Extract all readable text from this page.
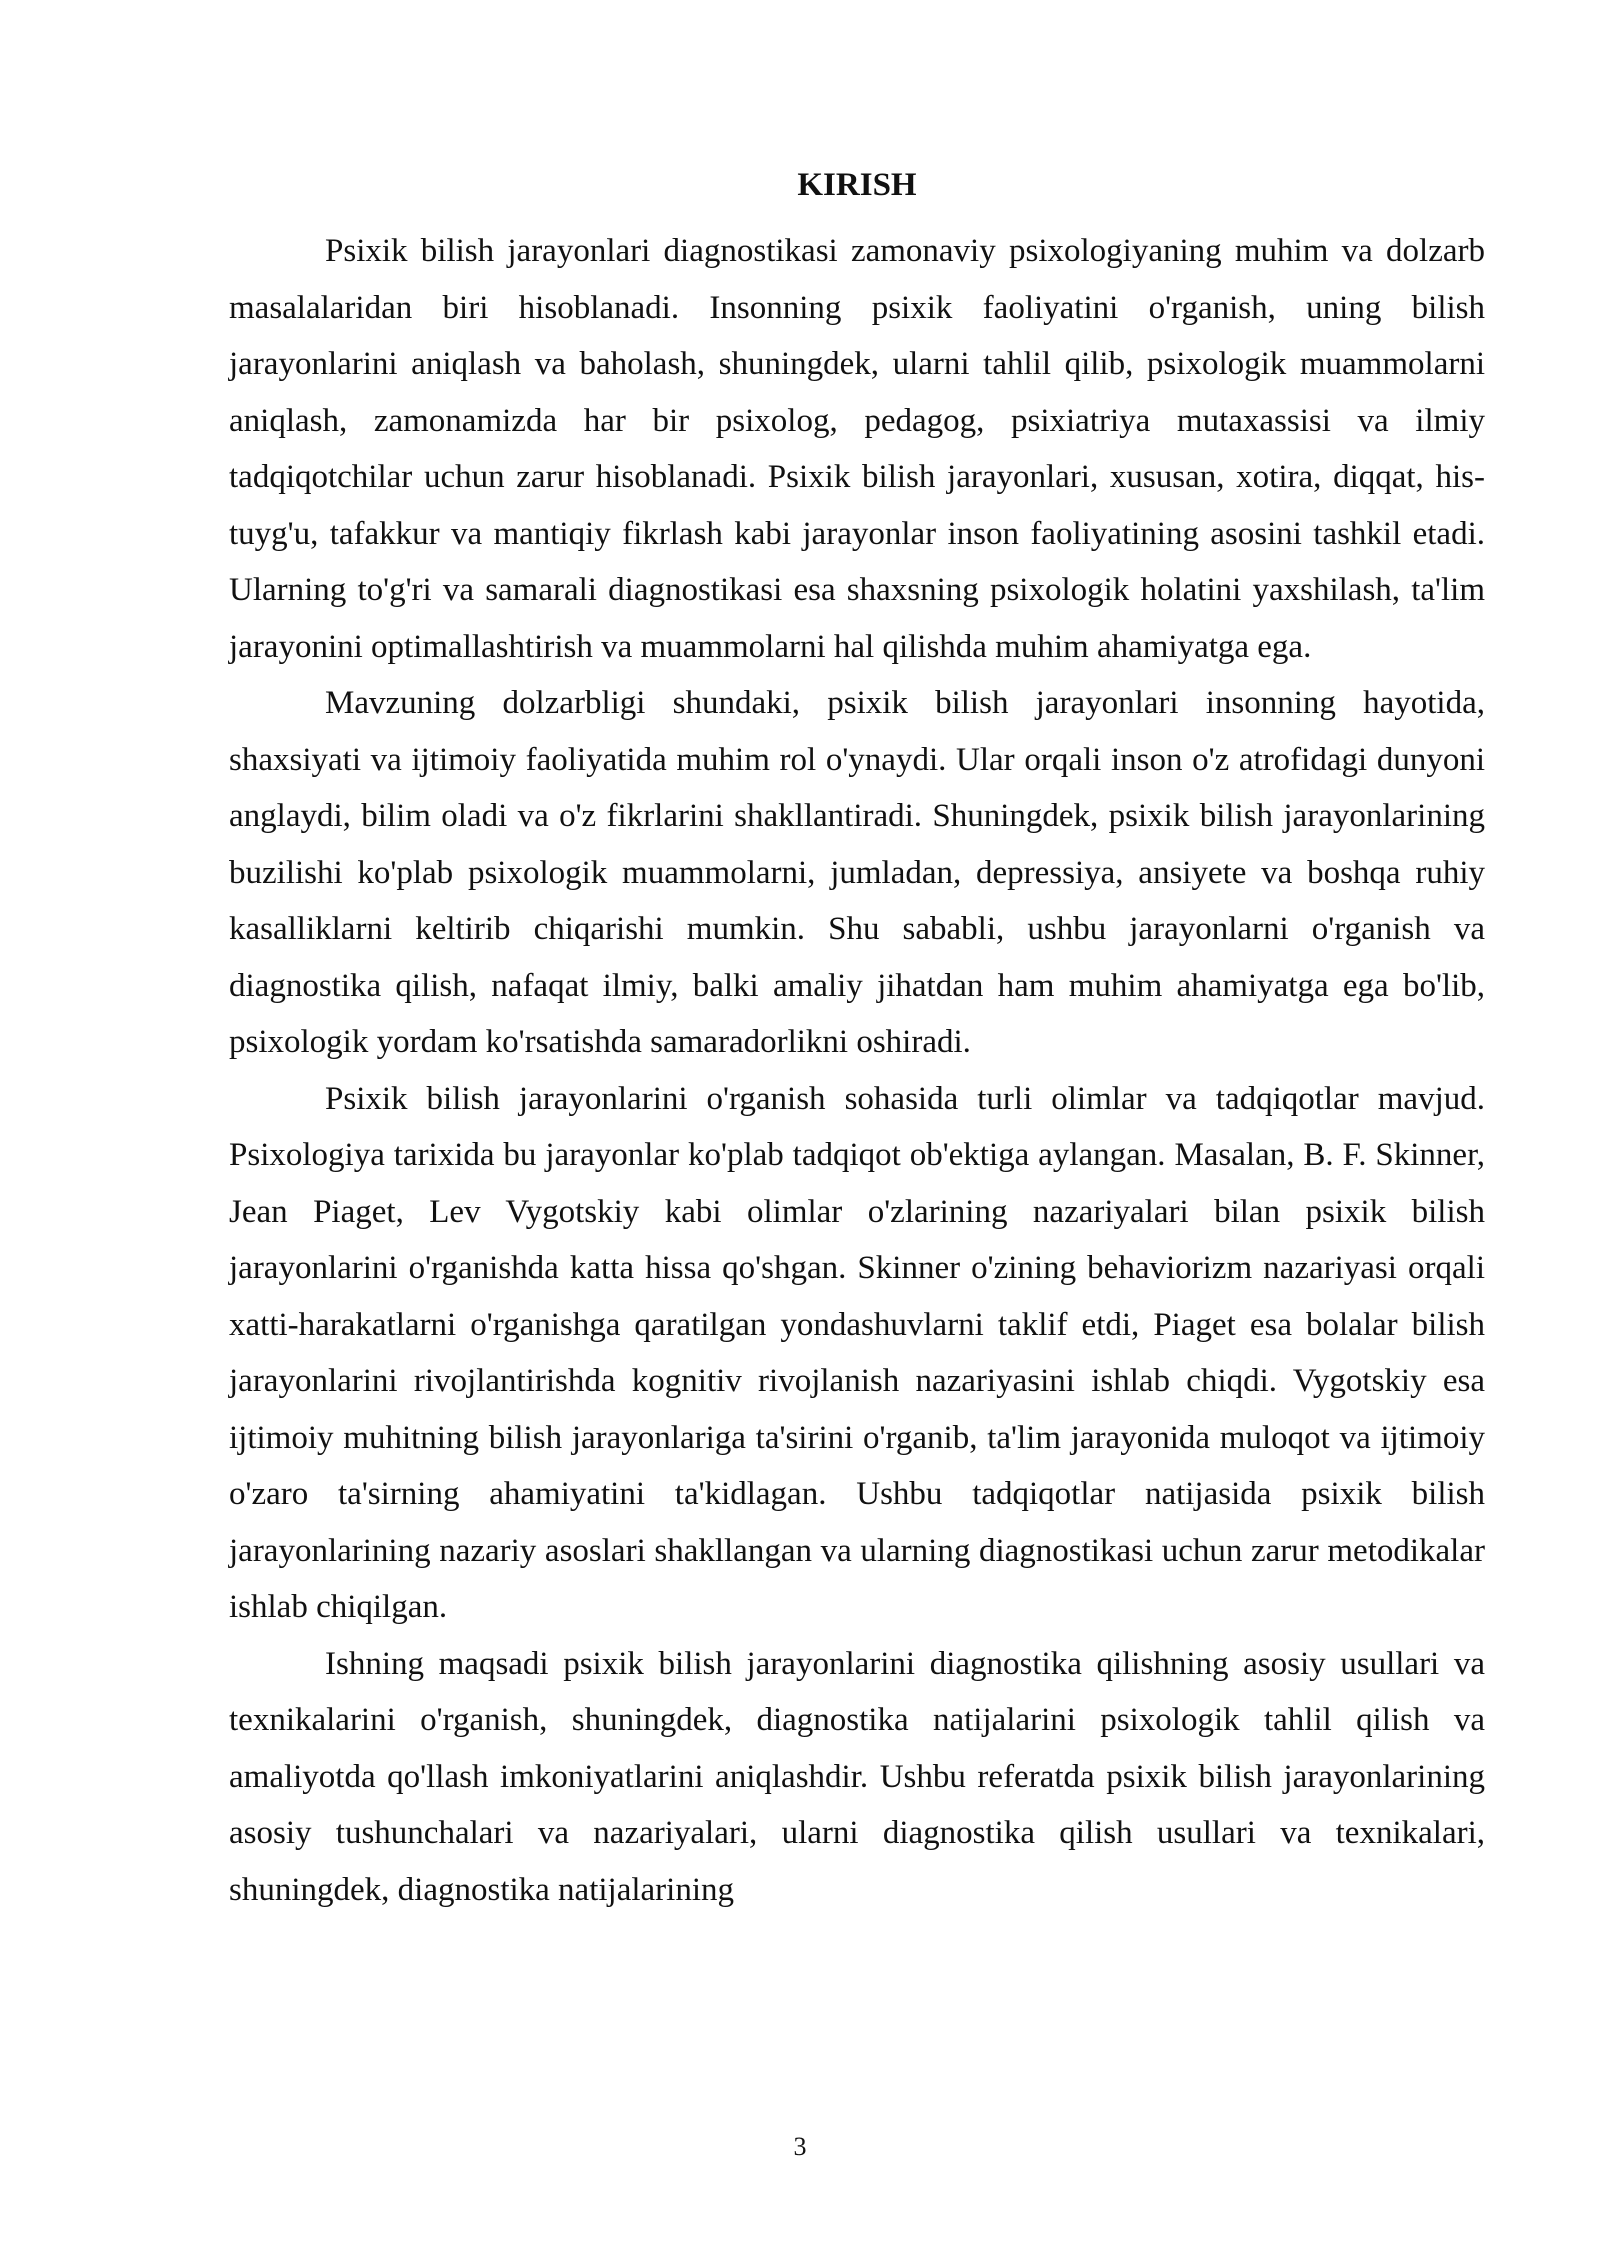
KIRISH

Psixik bilish jarayonlari diagnostikasi zamonaviy psixologiyaning muhim va dolzarb masalalaridan biri hisoblanadi. Insonning psixik faoliyatini o'rganish, uning bilish jarayonlarini aniqlash va baholash, shuningdek, ularni tahlil qilib, psixologik muammolarni aniqlash, zamonamizda har bir psixolog, pedagog, psixiatriya mutaxassisi va ilmiy tadqiqotchilar uchun zarur hisoblanadi. Psixik bilish jarayonlari, xususan, xotira, diqqat, his-tuyg'u, tafakkur va mantiqiy fikrlash kabi jarayonlar inson faoliyatining asosini tashkil etadi. Ularning to'g'ri va samarali diagnostikasi esa shaxsning psixologik holatini yaxshilash, ta'lim jarayonini optimallashtirish va muammolarni hal qilishda muhim ahamiyatga ega.

Mavzuning dolzarbligi shundaki, psixik bilish jarayonlari insonning hayotida, shaxsiyati va ijtimoiy faoliyatida muhim rol o'ynaydi. Ular orqali inson o'z atrofidagi dunyoni anglaydi, bilim oladi va o'z fikrlarini shakllantiradi. Shuningdek, psixik bilish jarayonlarining buzilishi ko'plab psixologik muammolarni, jumladan, depressiya, ansiyete va boshqa ruhiy kasalliklarni keltirib chiqarishi mumkin. Shu sababli, ushbu jarayonlarni o'rganish va diagnostika qilish, nafaqat ilmiy, balki amaliy jihatdan ham muhim ahamiyatga ega bo'lib, psixologik yordam ko'rsatishda samaradorlikni oshiradi.

Psixik bilish jarayonlarini o'rganish sohasida turli olimlar va tadqiqotlar mavjud. Psixologiya tarixida bu jarayonlar ko'plab tadqiqot ob'ektiga aylangan. Masalan, B. F. Skinner, Jean Piaget, Lev Vygotskiy kabi olimlar o'zlarining nazariyalari bilan psixik bilish jarayonlarini o'rganishda katta hissa qo'shgan. Skinner o'zining behaviorizm nazariyasi orqali xatti-harakatlarni o'rganishga qaratilgan yondashuvlarni taklif etdi, Piaget esa bolalar bilish jarayonlarini rivojlantirishda kognitiv rivojlanish nazariyasini ishlab chiqdi. Vygotskiy esa ijtimoiy muhitning bilish jarayonlariga ta'sirini o'rganib, ta'lim jarayonida muloqot va ijtimoiy o'zaro ta'sirning ahamiyatini ta'kidlagan. Ushbu tadqiqotlar natijasida psixik bilish jarayonlarining nazariy asoslari shakllangan va ularning diagnostikasi uchun zarur metodikalar ishlab chiqilgan.

Ishning maqsadi psixik bilish jarayonlarini diagnostika qilishning asosiy usullari va texnikalarini o'rganish, shuningdek, diagnostika natijalarini psixologik tahlil qilish va amaliyotda qo'llash imkoniyatlarini aniqlashdir. Ushbu referatda psixik bilish jarayonlarining asosiy tushunchalari va nazariyalari, ularni diagnostika qilish usullari va texnikalari, shuningdek, diagnostika natijalarining

3
